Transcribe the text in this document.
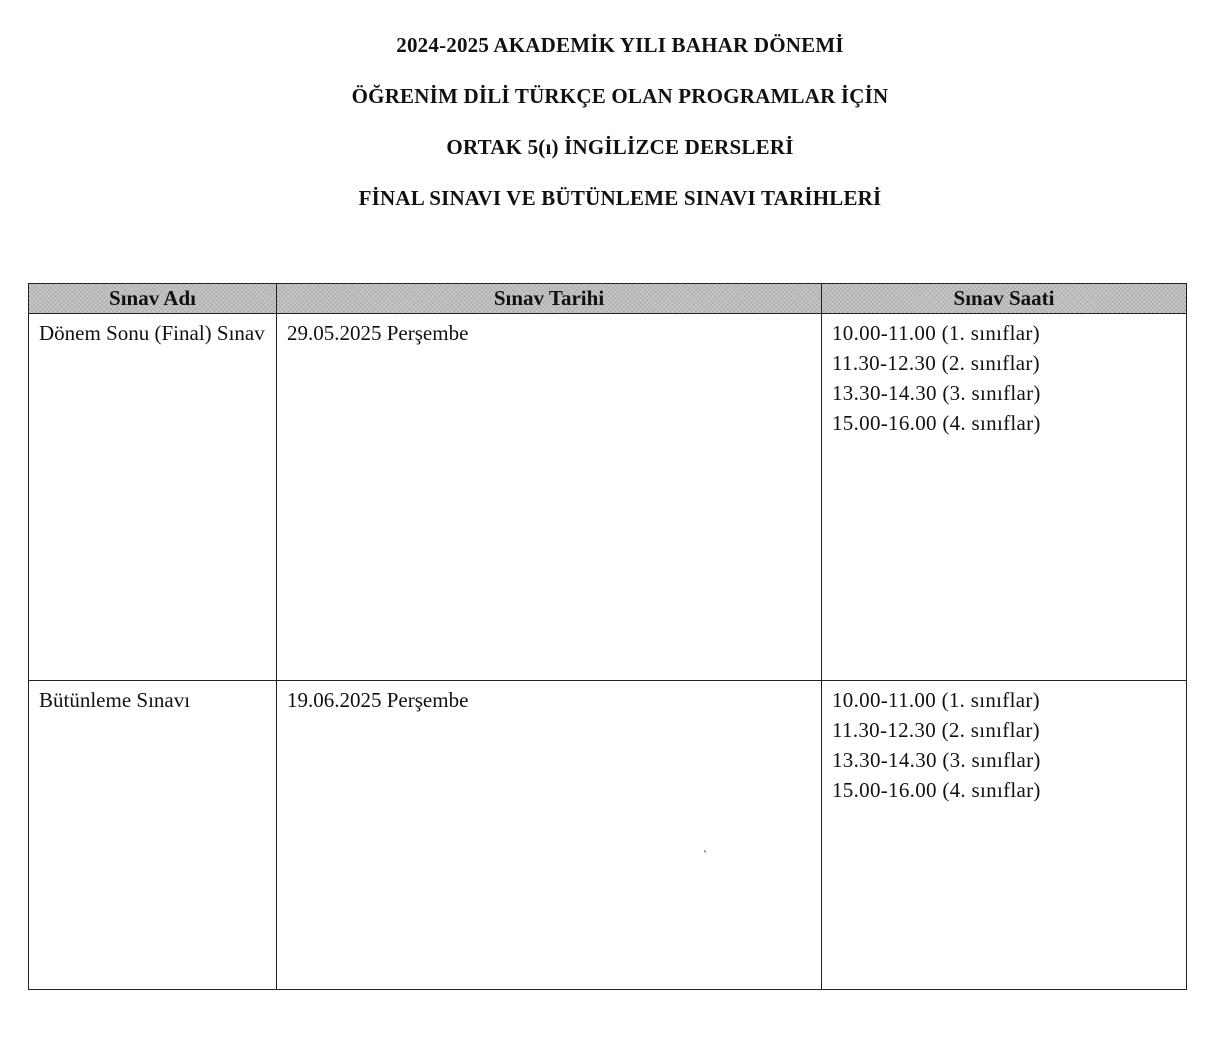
2024-2025 AKADEMİK YILI BAHAR DÖNEMİ
ÖĞRENİM DİLİ TÜRKÇE OLAN PROGRAMLAR İÇİN
ORTAK 5(ı) İNGİLİZCE DERSLERİ
FİNAL SINAVI VE BÜTÜNLEME SINAVI TARİHLERİ
Sınav Adı	Sınav Tarihi	Sınav Saati
Dönem Sonu (Final) Sınav	29.05.2025 Perşembe	10.00-11.00 (1. sınıflar)
11.30-12.30 (2. sınıflar)
13.30-14.30 (3. sınıflar)
15.00-16.00 (4. sınıflar)

Bütünleme Sınavı	19.06.2025 Perşembe	10.00-11.00 (1. sınıflar)
11.30-12.30 (2. sınıflar)
13.30-14.30 (3. sınıflar)
15.00-16.00 (4. sınıflar)
'
